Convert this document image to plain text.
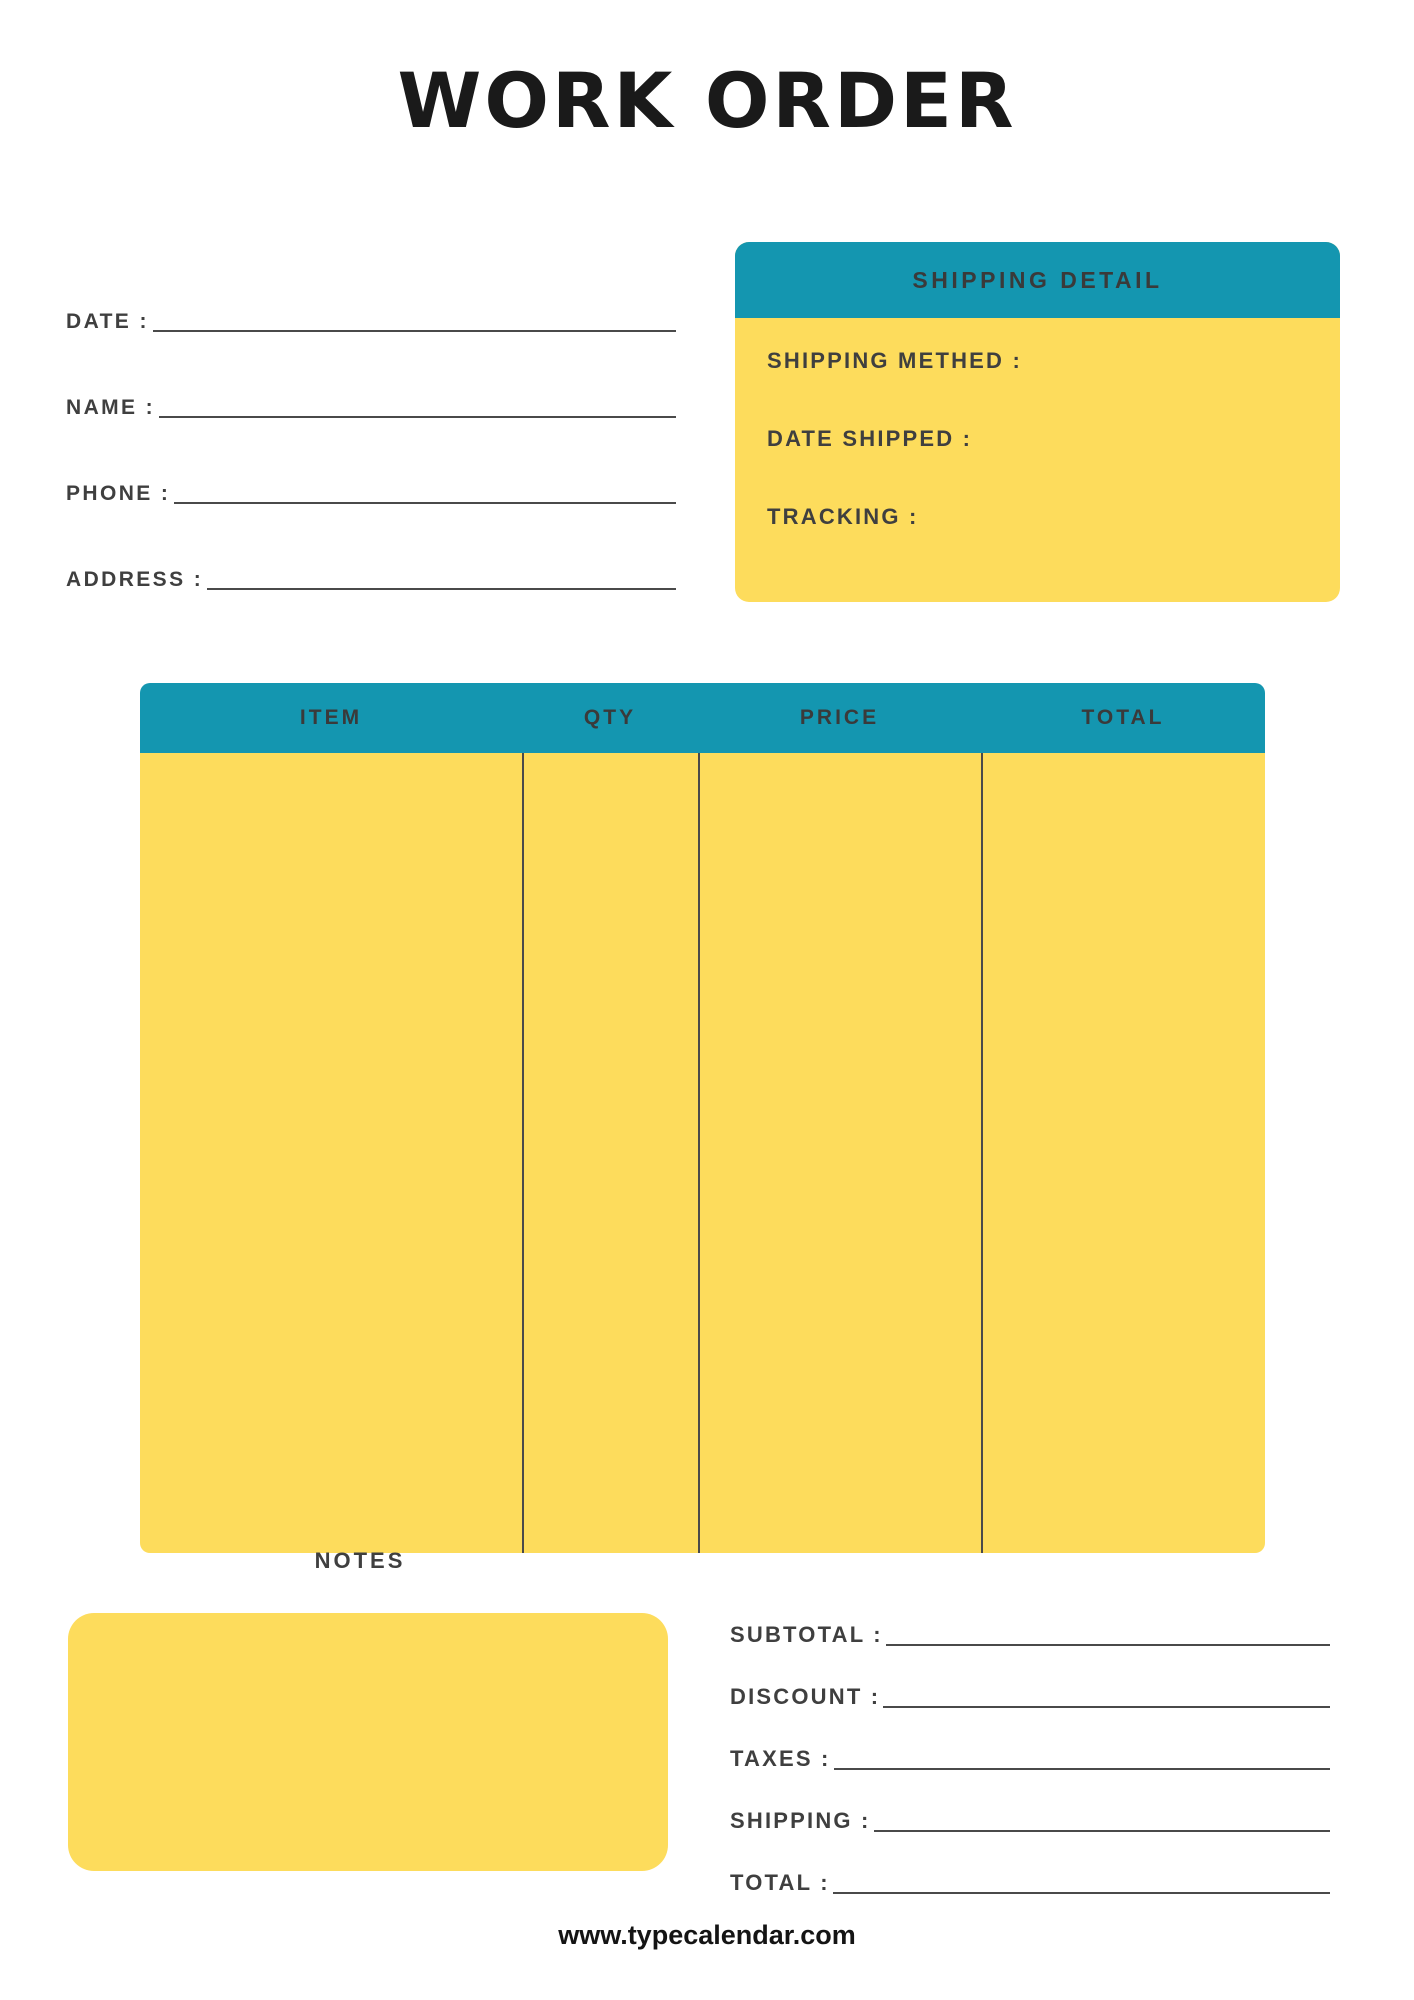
WORK ORDER
DATE :
NAME :
PHONE :
ADDRESS :
SHIPPING DETAIL
SHIPPING METHED :
DATE SHIPPED :
TRACKING :
ITEM	QTY	PRICE	TOTAL
NOTES
SUBTOTAL :
DISCOUNT :
TAXES :
SHIPPING :
TOTAL :
www.typecalendar.com
